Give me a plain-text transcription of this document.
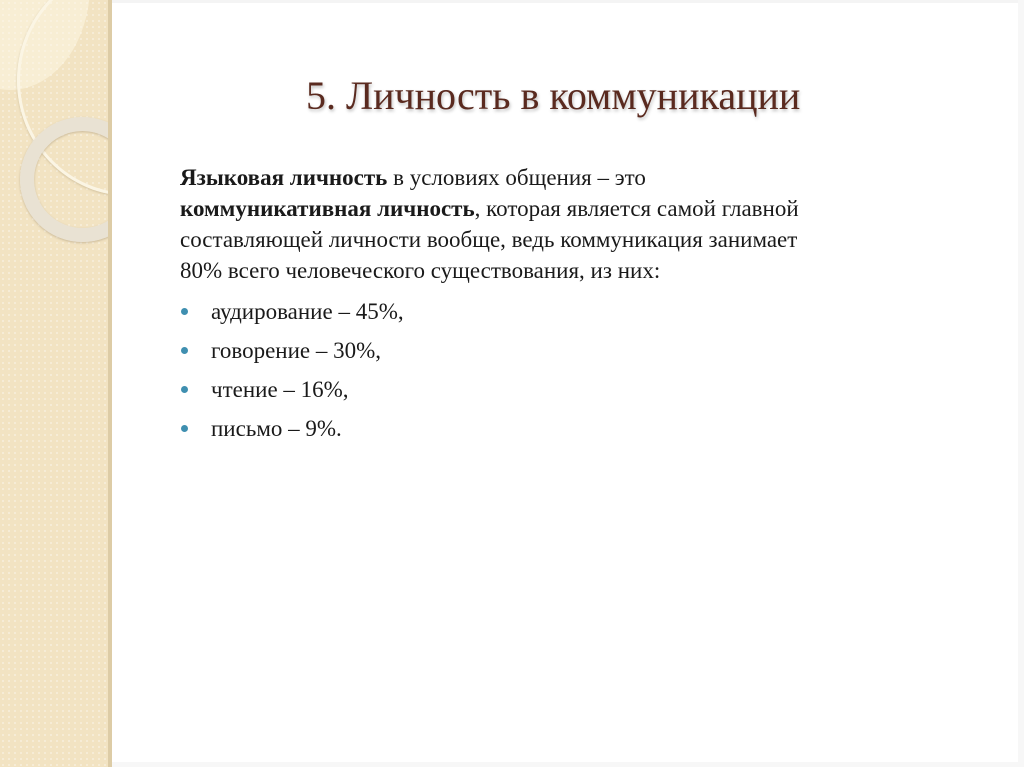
5. Личность в коммуникации

Языковая личность в условиях общения – это
коммуникативная личность, которая является самой главной
составляющей личности вообще, ведь коммуникация занимает
80% всего человеческого существования, из них:

аудирование – 45%,
говорение – 30%,
чтение – 16%,
письмо – 9%.
